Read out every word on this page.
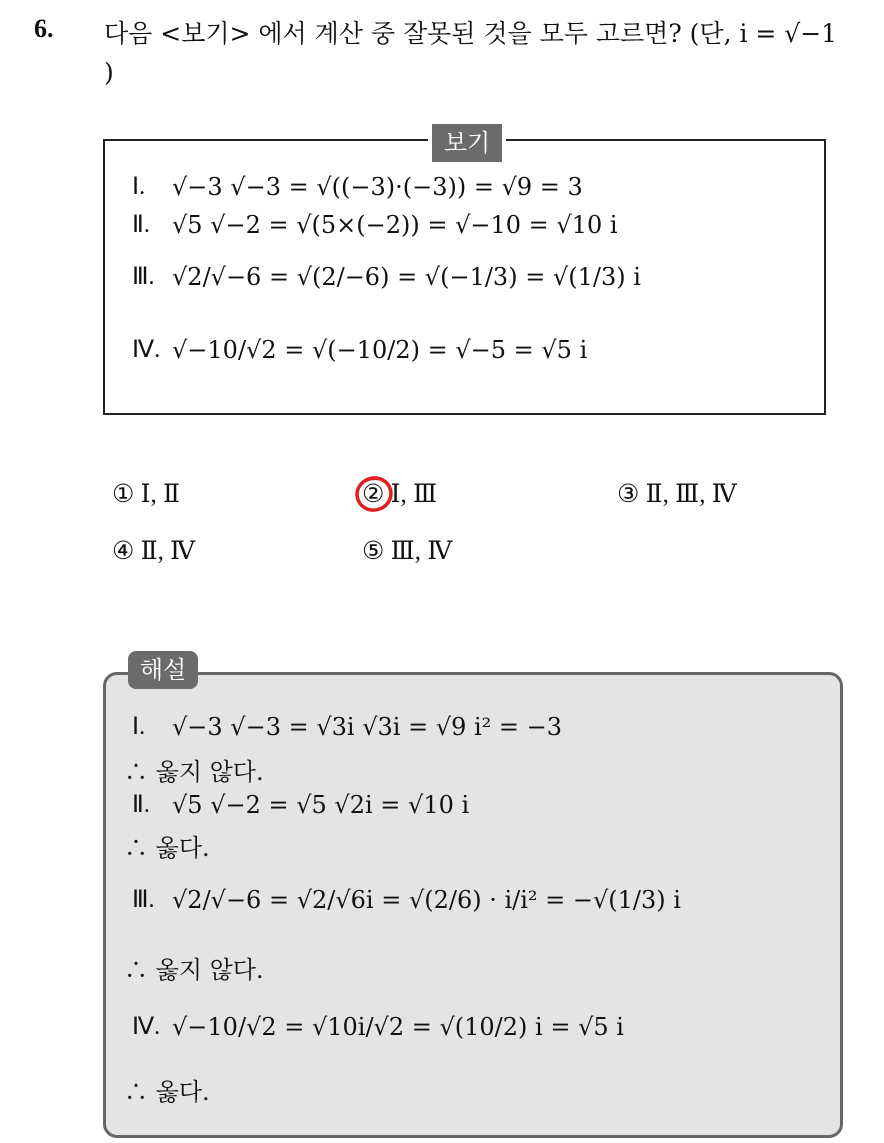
6. 다음 <보기> 에서 계산 중 잘못된 것을 모두 고르면? (단, i = √−1
)
보기
Ⅰ.	√−3 √−3 = √((−3)·(−3)) = √9 = 3
Ⅱ. √5 √−2 = √(5×(−2)) = √−10 = √10 i
Ⅲ. √2/√−6 = √(2/−6) = √(−1/3) = √(1/3) i
Ⅳ. √−10/√2 = √(−10/2) = √−5 = √5 i
① Ⅰ, Ⅱ	② Ⅰ, Ⅲ	③ Ⅱ, Ⅲ, Ⅳ
④ Ⅱ, Ⅳ	⑤ Ⅲ, Ⅳ
해설
Ⅰ.	√−3 √−3 = √3i √3i = √9 i² = −3
∴ 옳지 않다.
Ⅱ. √5 √−2 = √5 √2i = √10 i
∴ 옳다.
Ⅲ. √2/√−6 = √2/√6i = √(2/6) · i/i² = −√(1/3) i
∴ 옳지 않다.
Ⅳ. √−10/√2 = √10i/√2 = √(10/2) i = √5 i
∴ 옳다.
